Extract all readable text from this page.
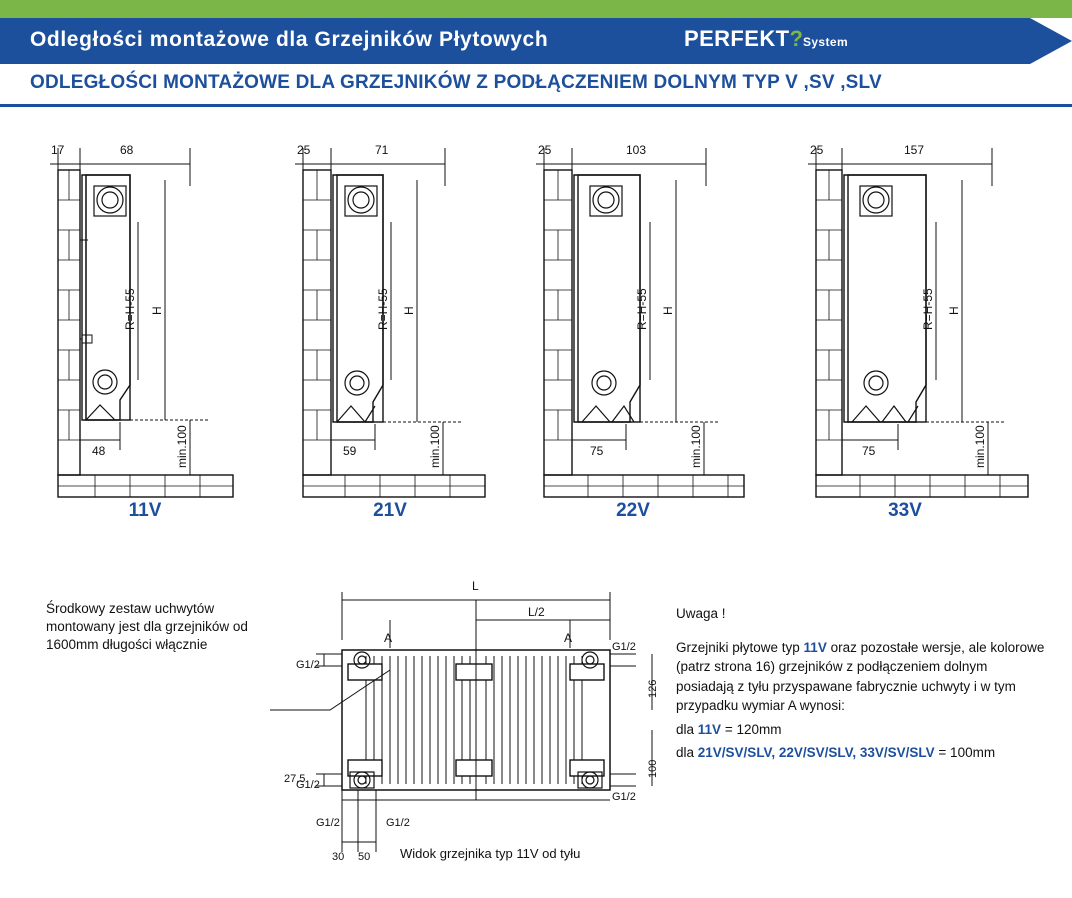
Odległości montażowe dla Grzejników Płytowych	PERFEKT?System
ODLEGŁOŚCI MONTAŻOWE DLA GRZEJNIKÓW Z PODŁĄCZENIEM DOLNYM TYP V ,SV ,SLV
17	68
R=H-55 H
min.100
48
11V
25	71
R=H-55 H
min.100
59
21V
25	103
R=H-55 H
min.100
75
22V
25	157
R=H-55 H
min.100
75
33V
L
L/2
A	A
G1/2
G1/2
27,5
G1/2
G1/2
126
100
30 50
G1/2	G1/2
Środkowy zestaw uchwytów montowany jest dla grzejników od 1600mm długości włącznie
Uwaga !

Grzejniki płytowe typ 11V oraz pozostałe wersje, ale kolorowe (patrz strona 16) grzejników z podłączeniem dolnym posiadają z tyłu przyspawane fabrycznie uchwyty i w tym przypadku wymiar A wynosi:

dla 11V = 120mm

dla 21V/SV/SLV, 22V/SV/SLV, 33V/SV/SLV = 100mm

Widok grzejnika typ 11V od tyłu
